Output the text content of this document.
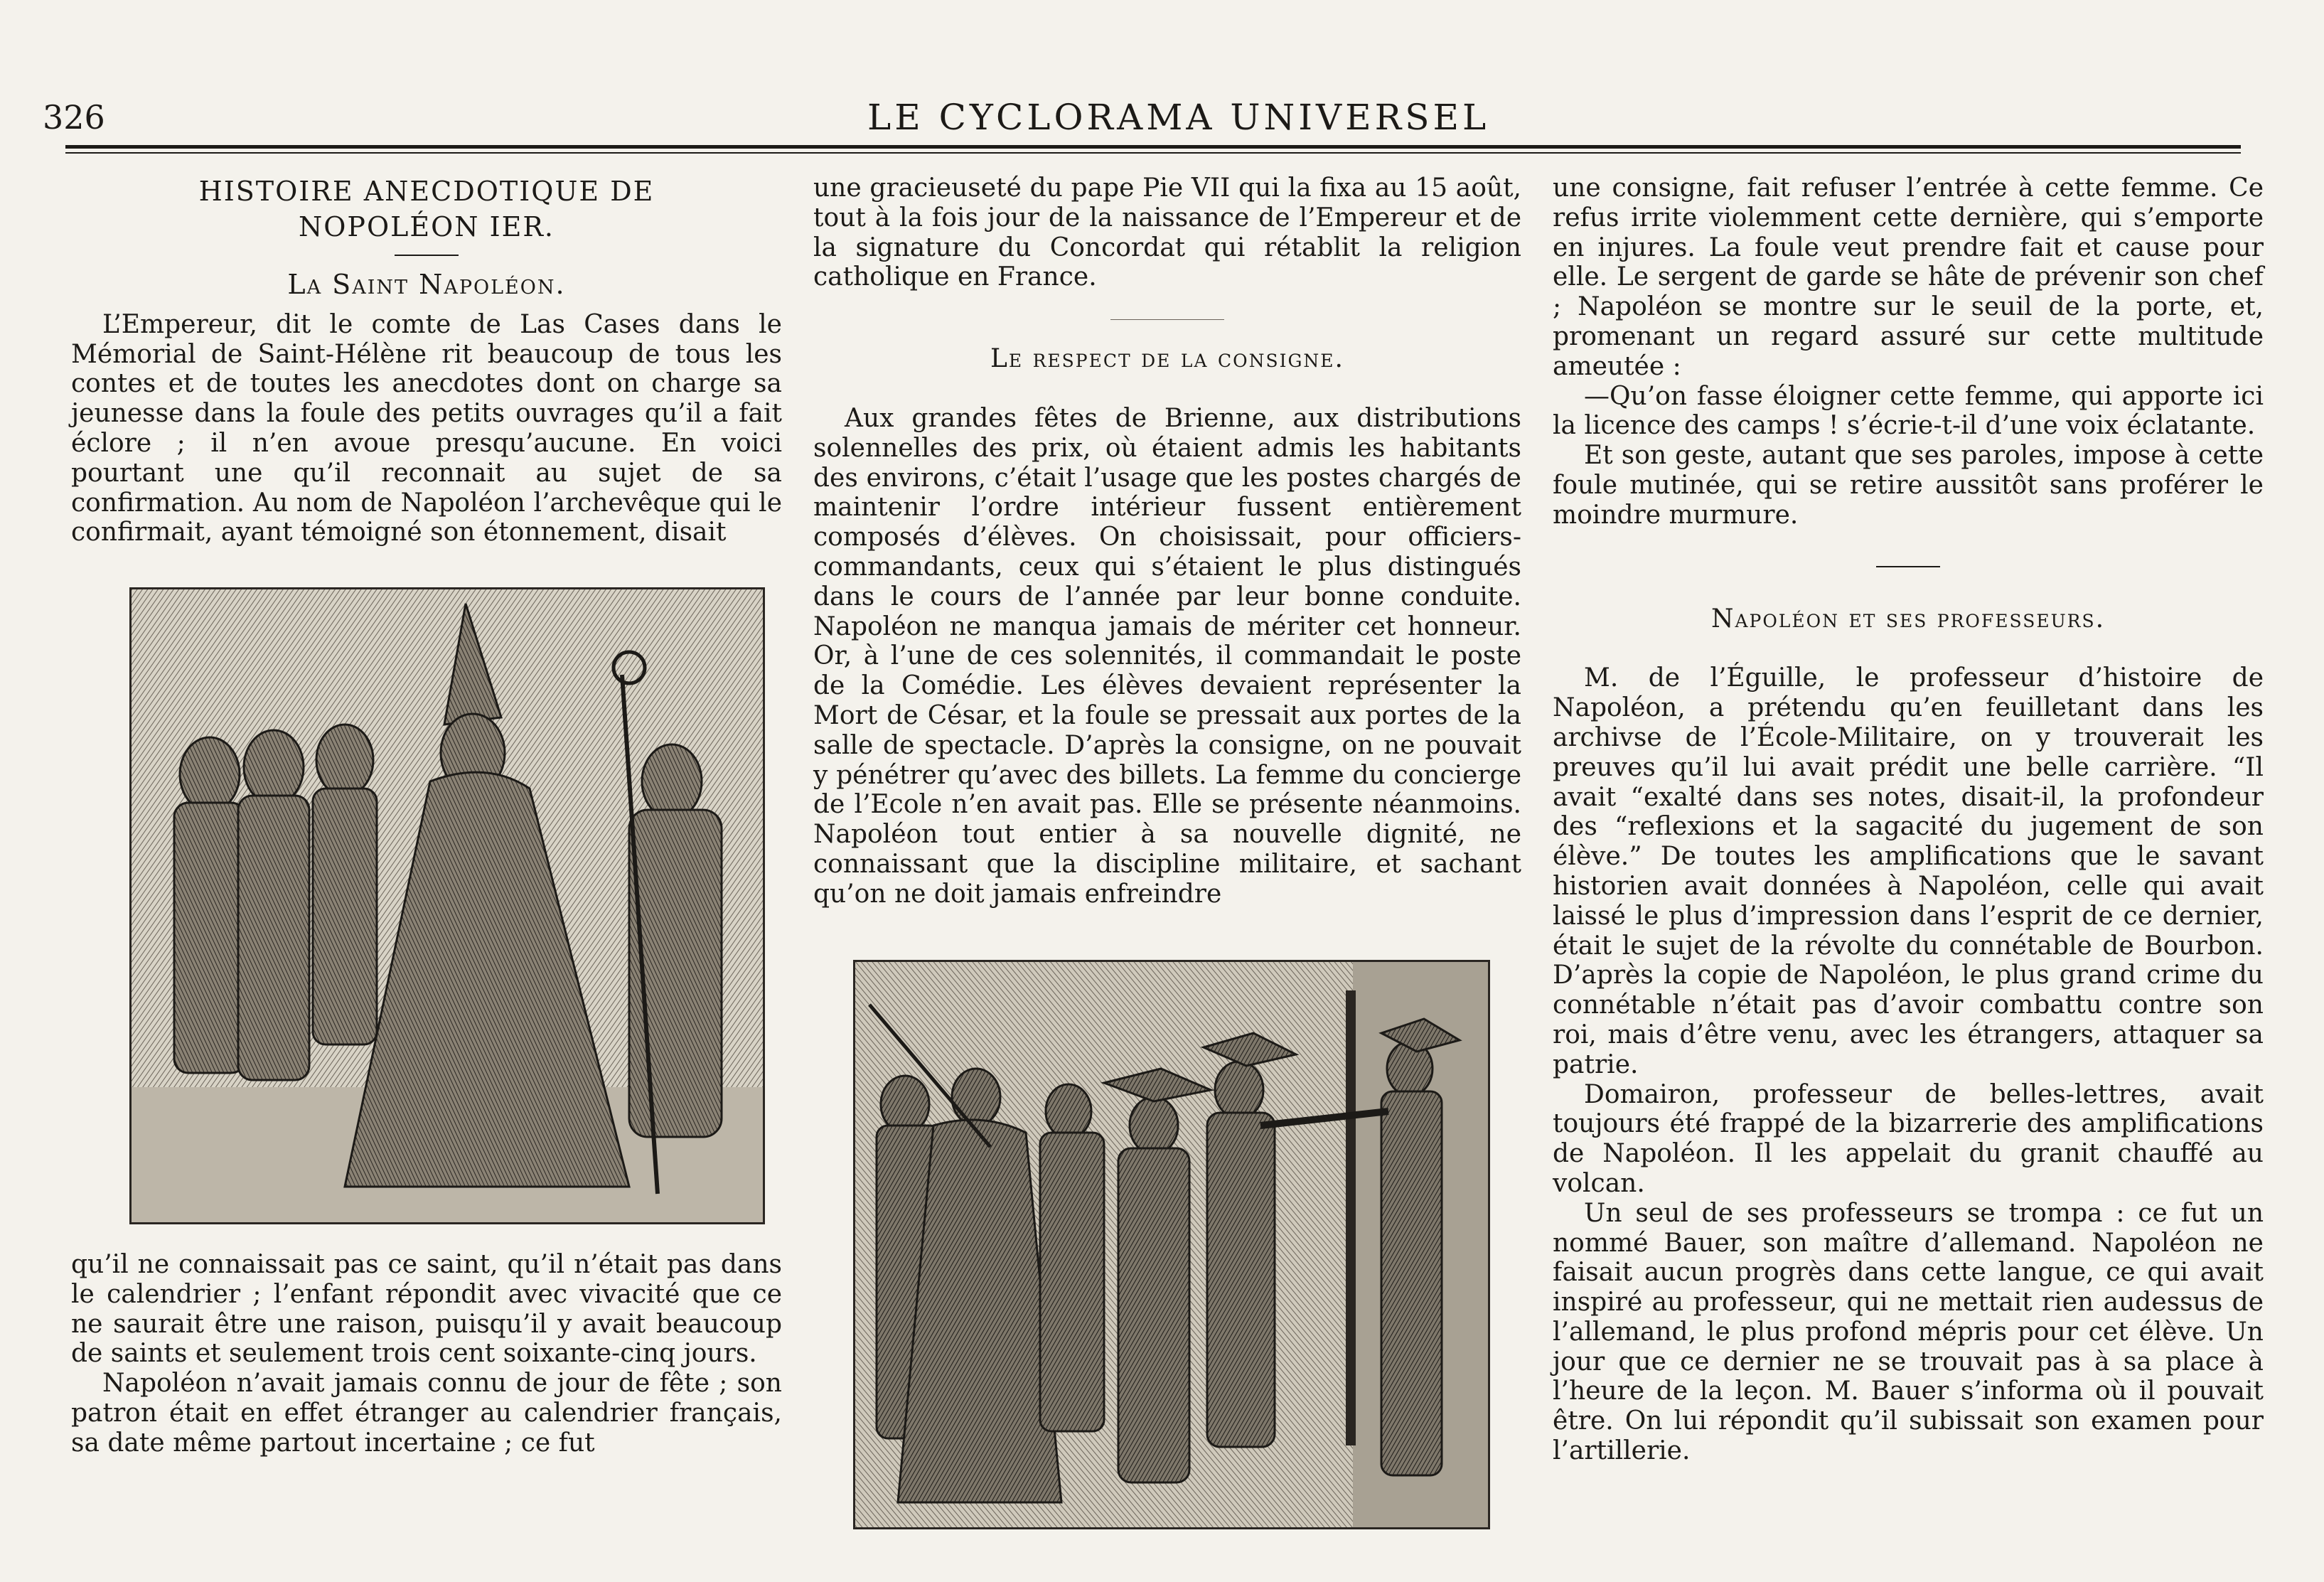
326	LE CYCLORAMA UNIVERSEL

HISTOIRE ANECDOTIQUE DE

NOPOLÉON IER.

La Saint Napoléon.

L’Empereur, dit le comte de Las Cases dans le Mémorial de Saint-Hélène rit beaucoup de tous les contes et de toutes les anecdotes dont on charge sa jeunesse dans la foule des petits ouvrages qu’il a fait éclore ; il n’en avoue presqu’aucune. En voici pourtant une qu’il reconnait au sujet de sa confirmation. Au nom de Napoléon l’archevêque qui le confirmait, ayant témoigné son étonnement, disait

qu’il ne connaissait pas ce saint, qu’il n’était pas dans le calendrier ; l’enfant répondit avec vivacité que ce ne saurait être une raison, puisqu’il y avait beaucoup de saints et seulement trois cent soixante-cinq jours.

Napoléon n’avait jamais connu de jour de fête ; son patron était en effet étranger au calendrier français, sa date même partout incertaine ; ce fut

une gracieuseté du pape Pie VII qui la fixa au 15 août, tout à la fois jour de la naissance de l’Empereur et de la signature du Concordat qui rétablit la religion catholique en France.

Le respect de la consigne.

Aux grandes fêtes de Brienne, aux distributions solennelles des prix, où étaient admis les habitants des environs, c’était l’usage que les postes chargés de maintenir l’ordre intérieur fussent entièrement composés d’élèves. On choisissait, pour officiers-commandants, ceux qui s’étaient le plus distingués dans le cours de l’année par leur bonne conduite. Napoléon ne manqua jamais de mériter cet honneur. Or, à l’une de ces solennités, il commandait le poste de la Comédie. Les élèves devaient représenter la Mort de César, et la foule se pressait aux portes de la salle de spectacle. D’après la consigne, on ne pouvait y pénétrer qu’avec des billets. La femme du concierge de l’Ecole n’en avait pas. Elle se présente néanmoins. Napoléon tout entier à sa nouvelle dignité, ne connaissant que la discipline militaire, et sachant qu’on ne doit jamais enfreindre

une consigne, fait refuser l’entrée à cette femme. Ce refus irrite violemment cette dernière, qui s’emporte en injures. La foule veut prendre fait et cause pour elle. Le sergent de garde se hâte de prévenir son chef ; Napoléon se montre sur le seuil de la porte, et, promenant un regard assuré sur cette multitude ameutée :

—Qu’on fasse éloigner cette femme, qui apporte ici la licence des camps ! s’écrie-t-il d’une voix éclatante.

Et son geste, autant que ses paroles, impose à cette foule mutinée, qui se retire aussitôt sans proférer le moindre murmure.

Napoléon et ses professeurs.

M. de l’Éguille, le professeur d’histoire de Napoléon, a prétendu qu’en feuilletant dans les archivse de l’École-Militaire, on y trouverait les preuves qu’il lui avait prédit une belle carrière. “Il avait “exalté dans ses notes, disait-il, la profondeur des “reflexions et la sagacité du jugement de son élève.” De toutes les amplifications que le savant historien avait données à Napoléon, celle qui avait laissé le plus d’impression dans l’esprit de ce dernier, était le sujet de la révolte du connétable de Bourbon. D’après la copie de Napoléon, le plus grand crime du connétable n’était pas d’avoir combattu contre son roi, mais d’être venu, avec les étrangers, attaquer sa patrie.

Domairon, professeur de belles-lettres, avait toujours été frappé de la bizarrerie des amplifications de Napoléon. Il les appelait du granit chauffé au volcan.

Un seul de ses professeurs se trompa : ce fut un nommé Bauer, son maître d’allemand. Napoléon ne faisait aucun progrès dans cette langue, ce qui avait inspiré au professeur, qui ne mettait rien audessus de l’allemand, le plus profond mépris pour cet élève. Un jour que ce dernier ne se trouvait pas à sa place à l’heure de la leçon. M. Bauer s’informa où il pouvait être. On lui répondit qu’il subissait son examen pour l’artillerie.
